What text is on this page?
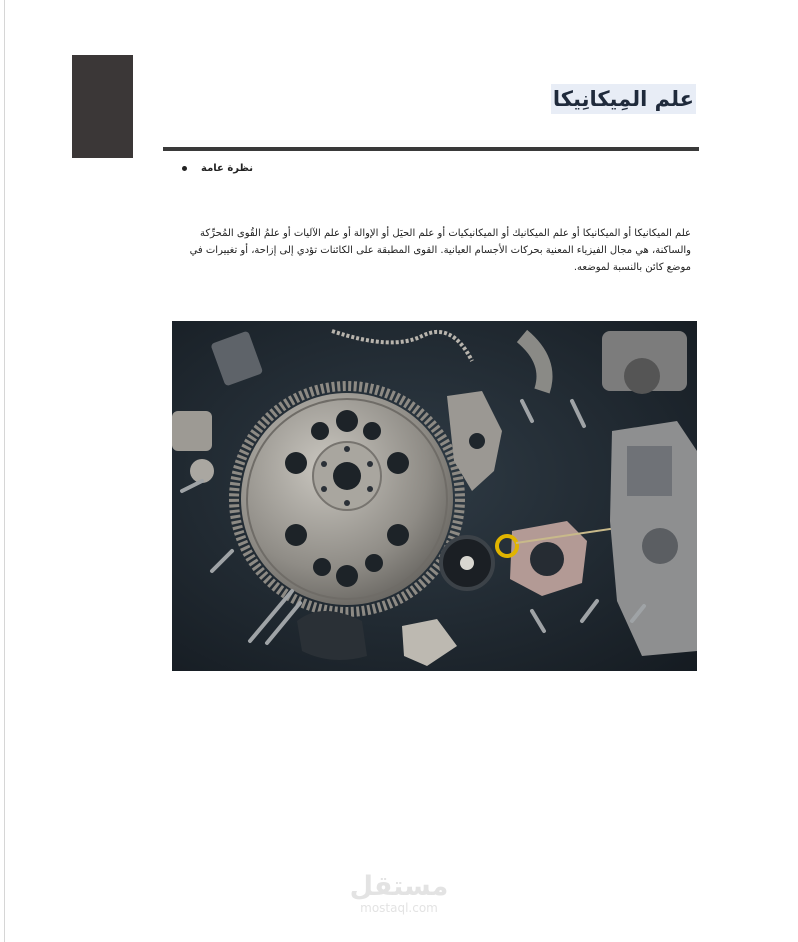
علم المِيكانِيكا
نظرة عامة

علم الميكانيكا أو الميكانيكا أو علم الميكانيك أو الميكانيكيات أو علم الحيَل أو الإوالة أو علم الآليات أو علمُ القُوى المُحرِّكة والساكنة، هي مجال الفيزياء المعنية بحركات الأجسام العيانية. القوى المطبقة على الكائنات تؤدي إلى إزاحة، أو تغييرات في موضع كائن بالنسبة لموضعه.

مستقل
mostaql.com
